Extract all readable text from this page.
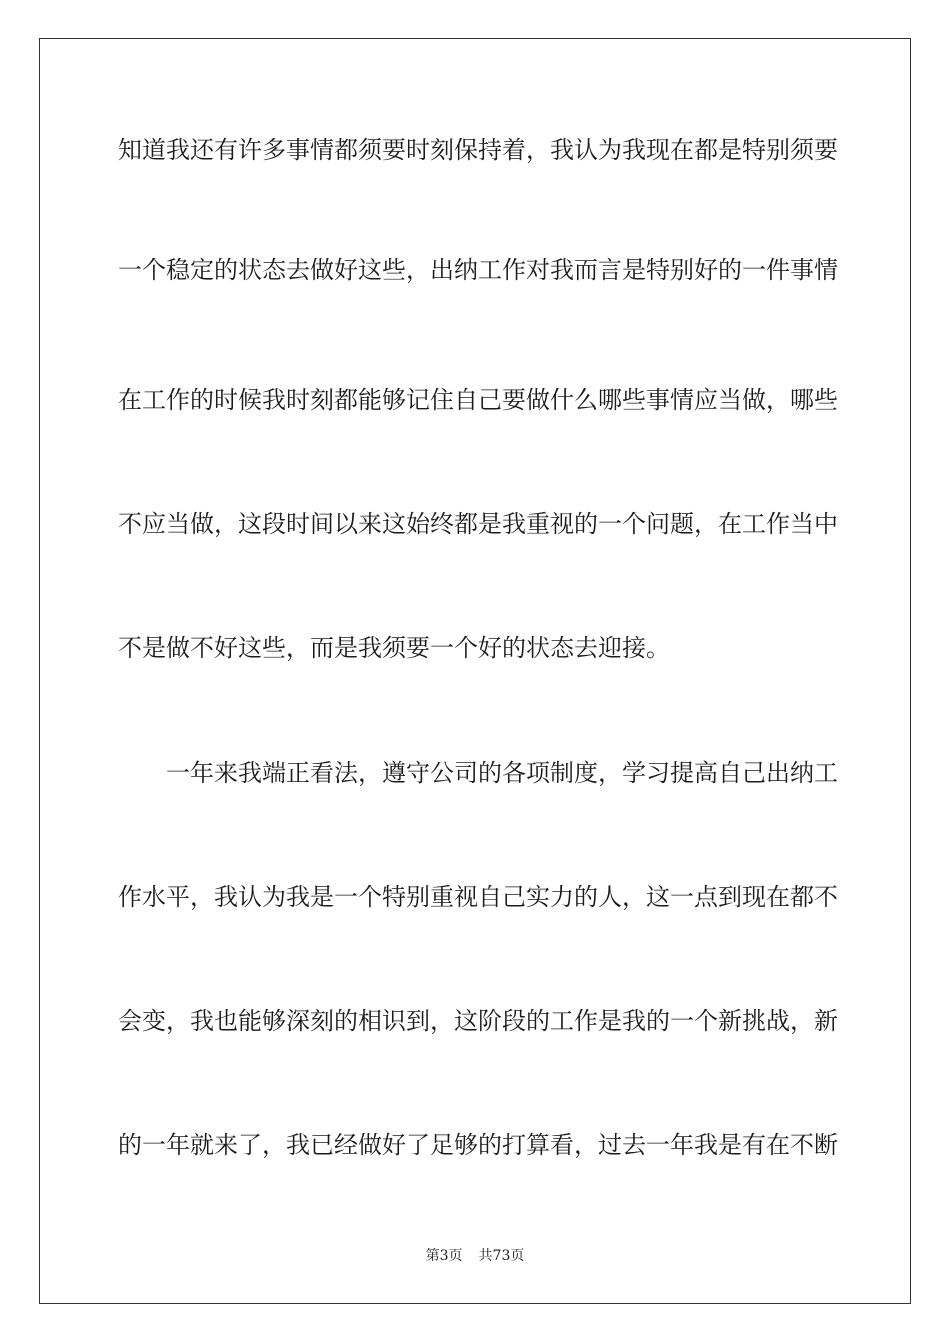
知道我还有许多事情都须要时刻保持着，我认为我现在都是特别须要
一个稳定的状态去做好这些，出纳工作对我而言是特别好的一件事情
在工作的时候我时刻都能够记住自己要做什么哪些事情应当做，哪些
不应当做，这段时间以来这始终都是我重视的一个问题，在工作当中
不是做不好这些，而是我须要一个好的状态去迎接。
一年来我端正看法，遵守公司的各项制度，学习提高自己出纳工
作水平，我认为我是一个特别重视自己实力的人，这一点到现在都不
会变，我也能够深刻的相识到，这阶段的工作是我的一个新挑战，新
的一年就来了，我已经做好了足够的打算看，过去一年我是有在不断
第3页 共73页
